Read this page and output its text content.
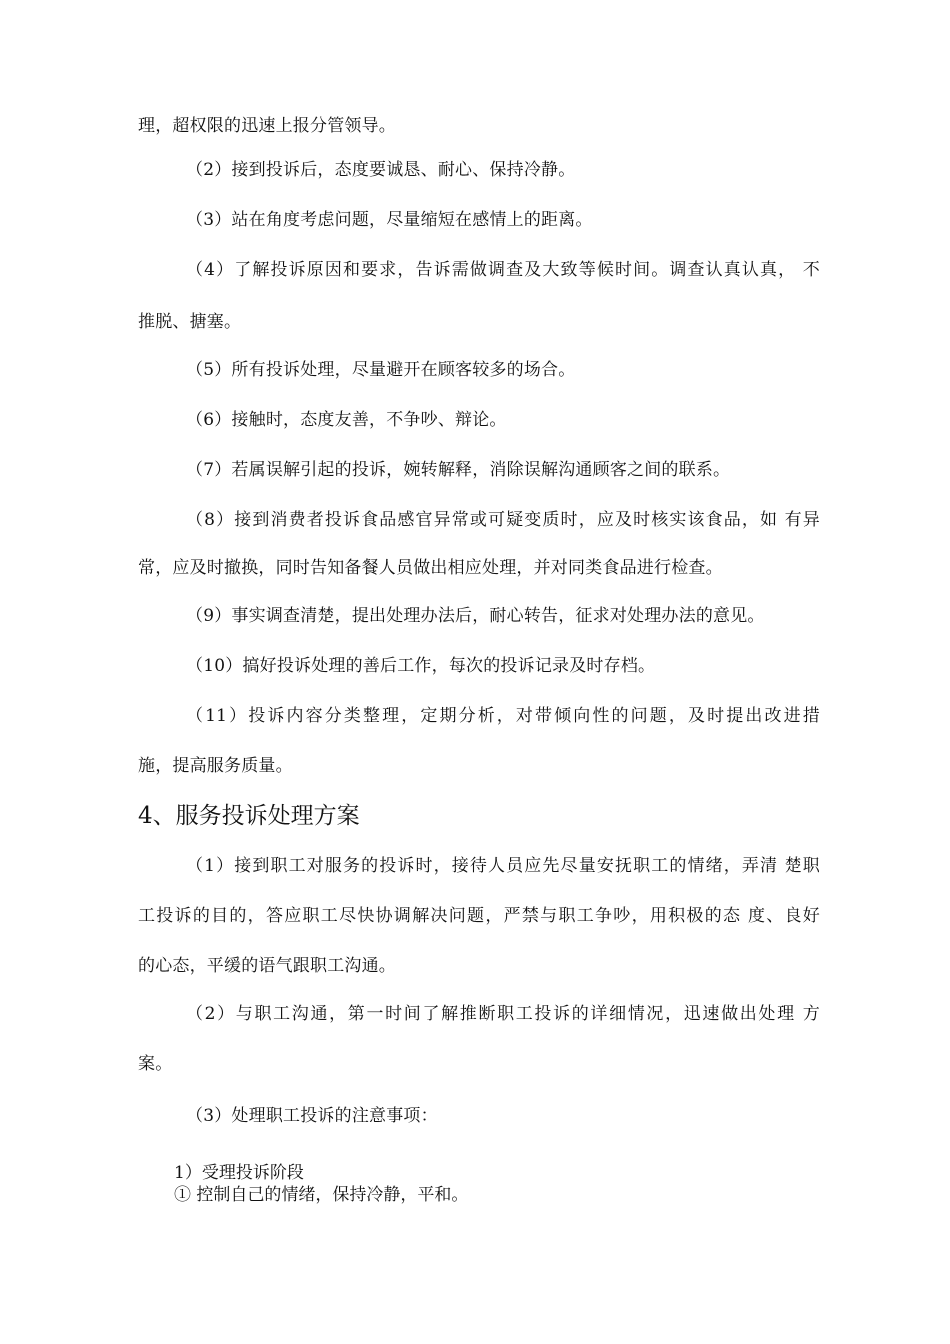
理，超权限的迅速上报分管领导。
（2）接到投诉后，态度要诚恳、耐心、保持冷静。
（3）站在角度考虑问题，尽量缩短在感情上的距离。
（4）了解投诉原因和要求，告诉需做调查及大致等候时间。调查认真认真， 不
推脱、搪塞。
（5）所有投诉处理，尽量避开在顾客较多的场合。
（6）接触时，态度友善，不争吵、辩论。
（7）若属误解引起的投诉，婉转解释，消除误解沟通顾客之间的联系。
（8）接到消费者投诉食品感官异常或可疑变质时，应及时核实该食品，如 有异
常，应及时撤换，同时告知备餐人员做出相应处理，并对同类食品进行检查。
（9）事实调查清楚，提出处理办法后，耐心转告，征求对处理办法的意见。
（10）搞好投诉处理的善后工作，每次的投诉记录及时存档。
（11）投诉内容分类整理，定期分析，对带倾向性的问题，及时提出改进措
施，提高服务质量。
4、服务投诉处理方案
（1）接到职工对服务的投诉时，接待人员应先尽量安抚职工的情绪，弄清 楚职
工投诉的目的，答应职工尽快协调解决问题，严禁与职工争吵，用积极的态 度、良好
的心态，平缓的语气跟职工沟通。
（2）与职工沟通，第一时间了解推断职工投诉的详细情况，迅速做出处理 方
案。
（3）处理职工投诉的注意事项：
1）受理投诉阶段
① 控制自己的情绪，保持冷静，平和。
